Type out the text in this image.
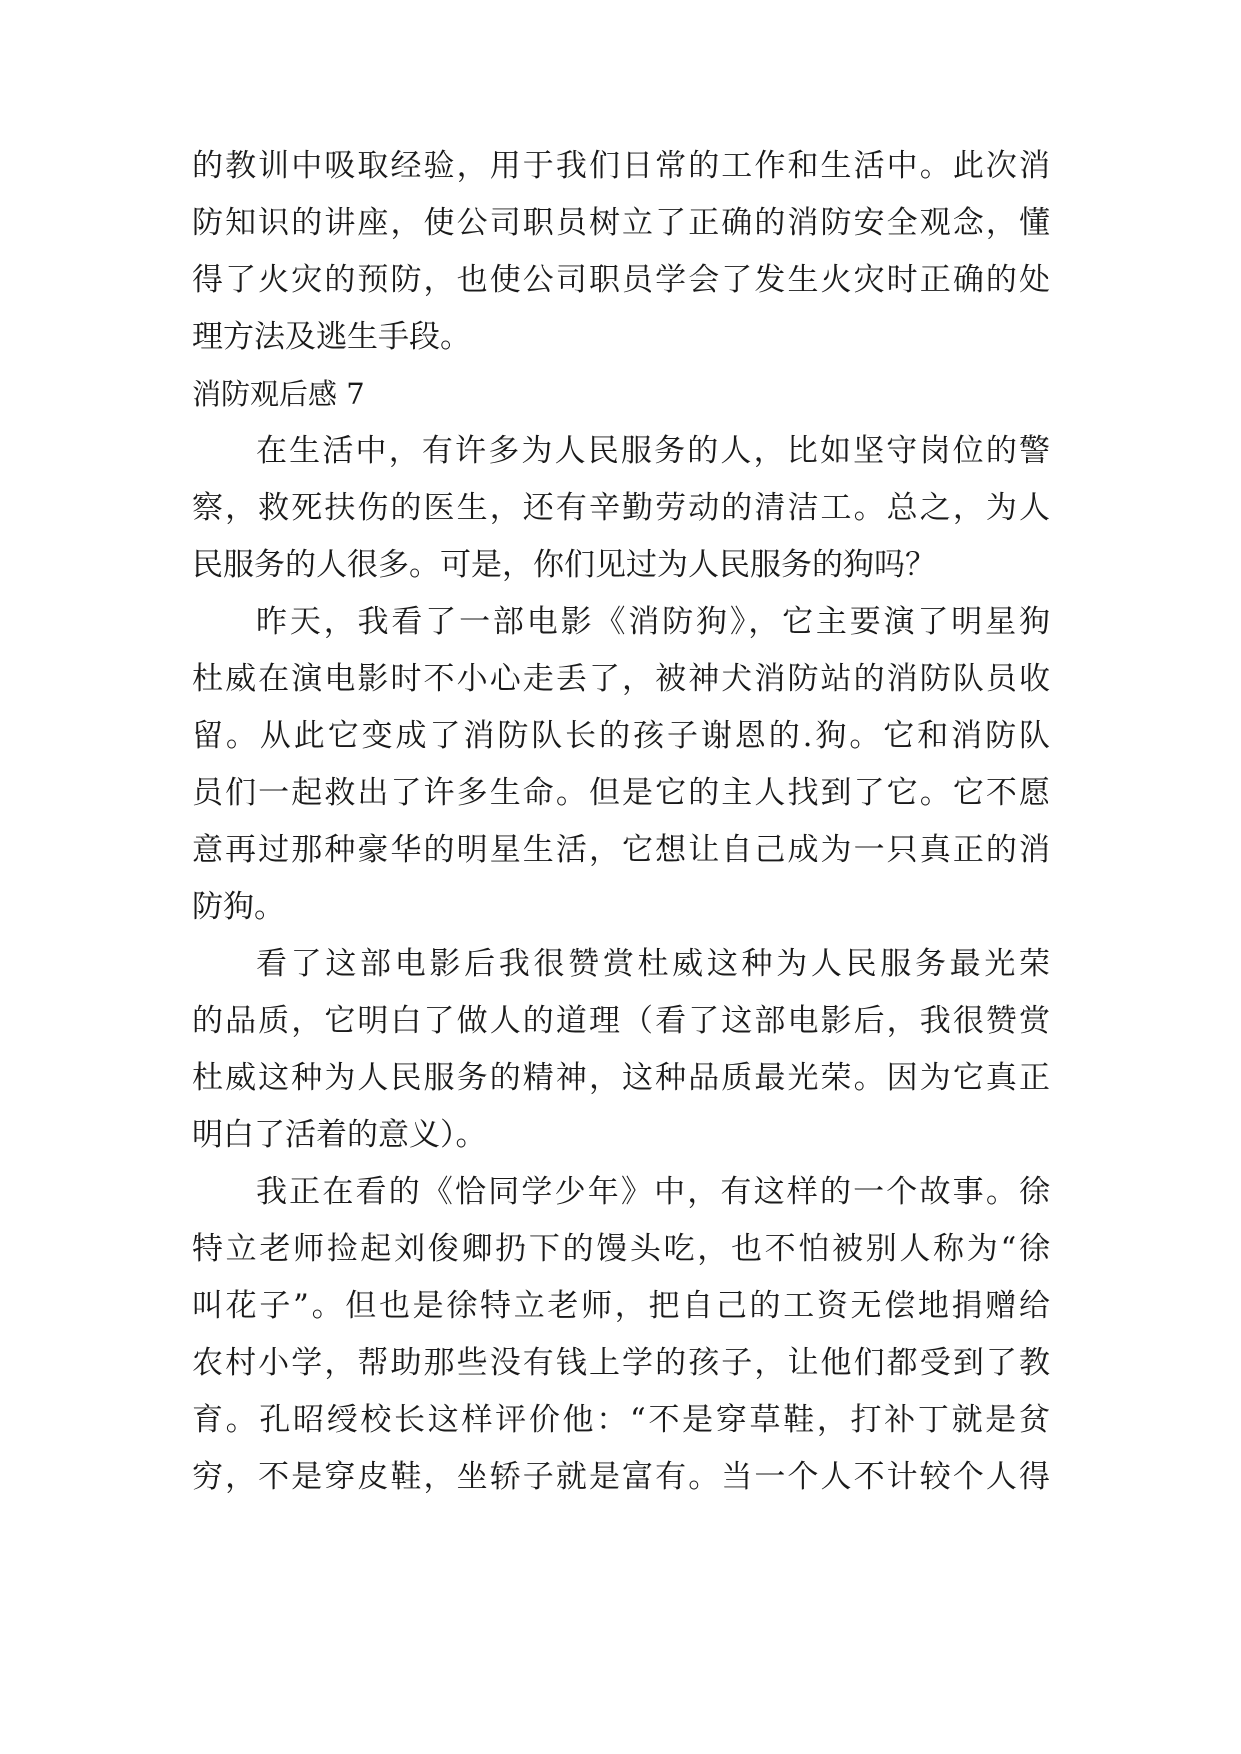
的教训中吸取经验，用于我们日常的工作和生活中。此次消
防知识的讲座，使公司职员树立了正确的消防安全观念，懂
得了火灾的预防，也使公司职员学会了发生火灾时正确的处
理方法及逃生手段。
消防观后感 7
在生活中，有许多为人民服务的人，比如坚守岗位的警
察，救死扶伤的医生，还有辛勤劳动的清洁工。总之，为人
民服务的人很多。可是，你们见过为人民服务的狗吗？
昨天，我看了一部电影《消防狗》，它主要演了明星狗
杜威在演电影时不小心走丢了，被神犬消防站的消防队员收
留。从此它变成了消防队长的孩子谢恩的.狗。它和消防队
员们一起救出了许多生命。但是它的主人找到了它。它不愿
意再过那种豪华的明星生活，它想让自己成为一只真正的消
防狗。
看了这部电影后我很赞赏杜威这种为人民服务最光荣
的品质，它明白了做人的道理（看了这部电影后，我很赞赏
杜威这种为人民服务的精神，这种品质最光荣。因为它真正
明白了活着的意义）。
我正在看的《恰同学少年》中，有这样的一个故事。徐
特立老师捡起刘俊卿扔下的馒头吃，也不怕被别人称为“徐
叫花子”。但也是徐特立老师，把自己的工资无偿地捐赠给
农村小学，帮助那些没有钱上学的孩子，让他们都受到了教
育。孔昭绶校长这样评价他：“不是穿草鞋，打补丁就是贫
穷，不是穿皮鞋，坐轿子就是富有。当一个人不计较个人得
